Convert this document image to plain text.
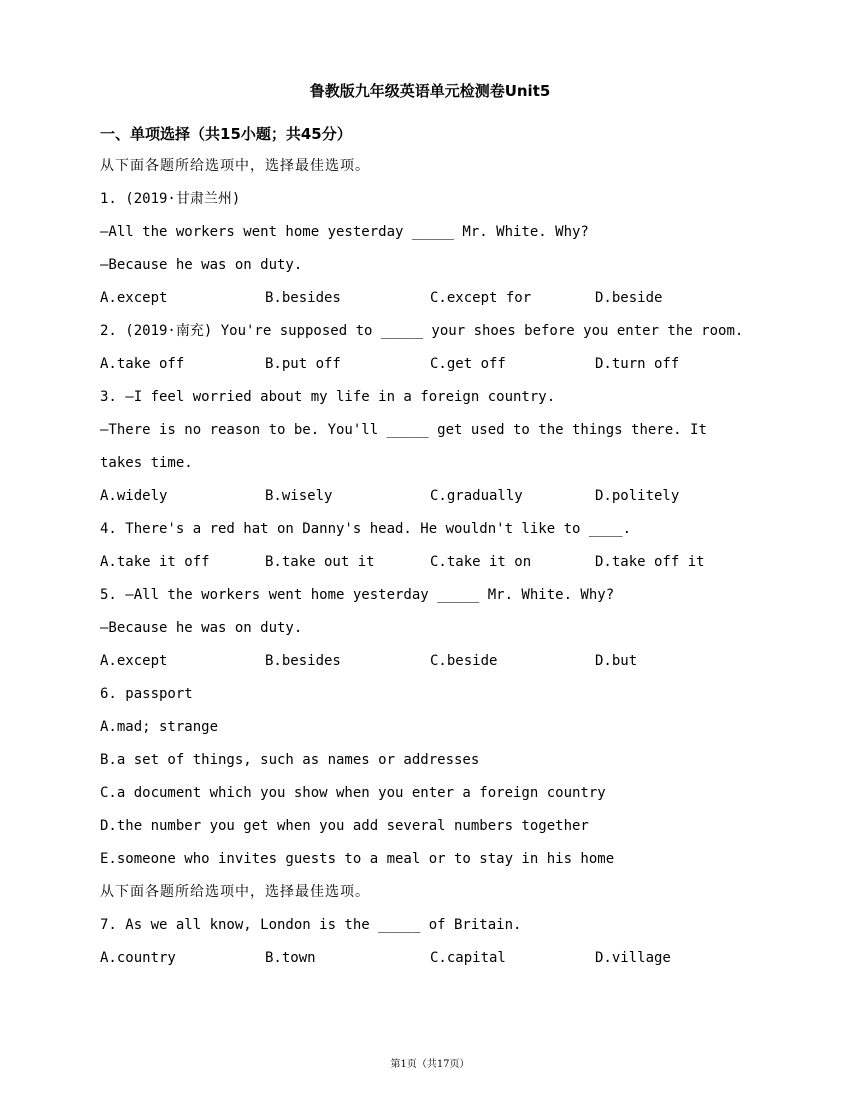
鲁教版九年级英语单元检测卷Unit5
一、单项选择（共15小题；共45分）
从下面各题所给选项中，选择最佳选项。
1. (2019·甘肃兰州)
—All the workers went home yesterday _____ Mr. White. Why?
—Because he was on duty.
A.except	B.besides	C.except for	D.beside
2. (2019·南充) You're supposed to _____ your shoes before you enter the room.
A.take off	B.put off	C.get off	D.turn off
3. —I feel worried about my life in a foreign country.
—There is no reason to be. You'll _____ get used to the things there. It
takes time.
A.widely	B.wisely	C.gradually	D.politely
4. There's a red hat on Danny's head. He wouldn't like to ____.
A.take it off	B.take out it	C.take it on	D.take off it
5. —All the workers went home yesterday _____ Mr. White. Why?
—Because he was on duty.
A.except	B.besides	C.beside	D.but
6. passport
A.mad; strange
B.a set of things, such as names or addresses
C.a document which you show when you enter a foreign country
D.the number you get when you add several numbers together
E.someone who invites guests to a meal or to stay in his home
从下面各题所给选项中，选择最佳选项。
7. As we all know, London is the _____ of Britain.
A.country	B.town	C.capital	D.village
第1页（共17页）
